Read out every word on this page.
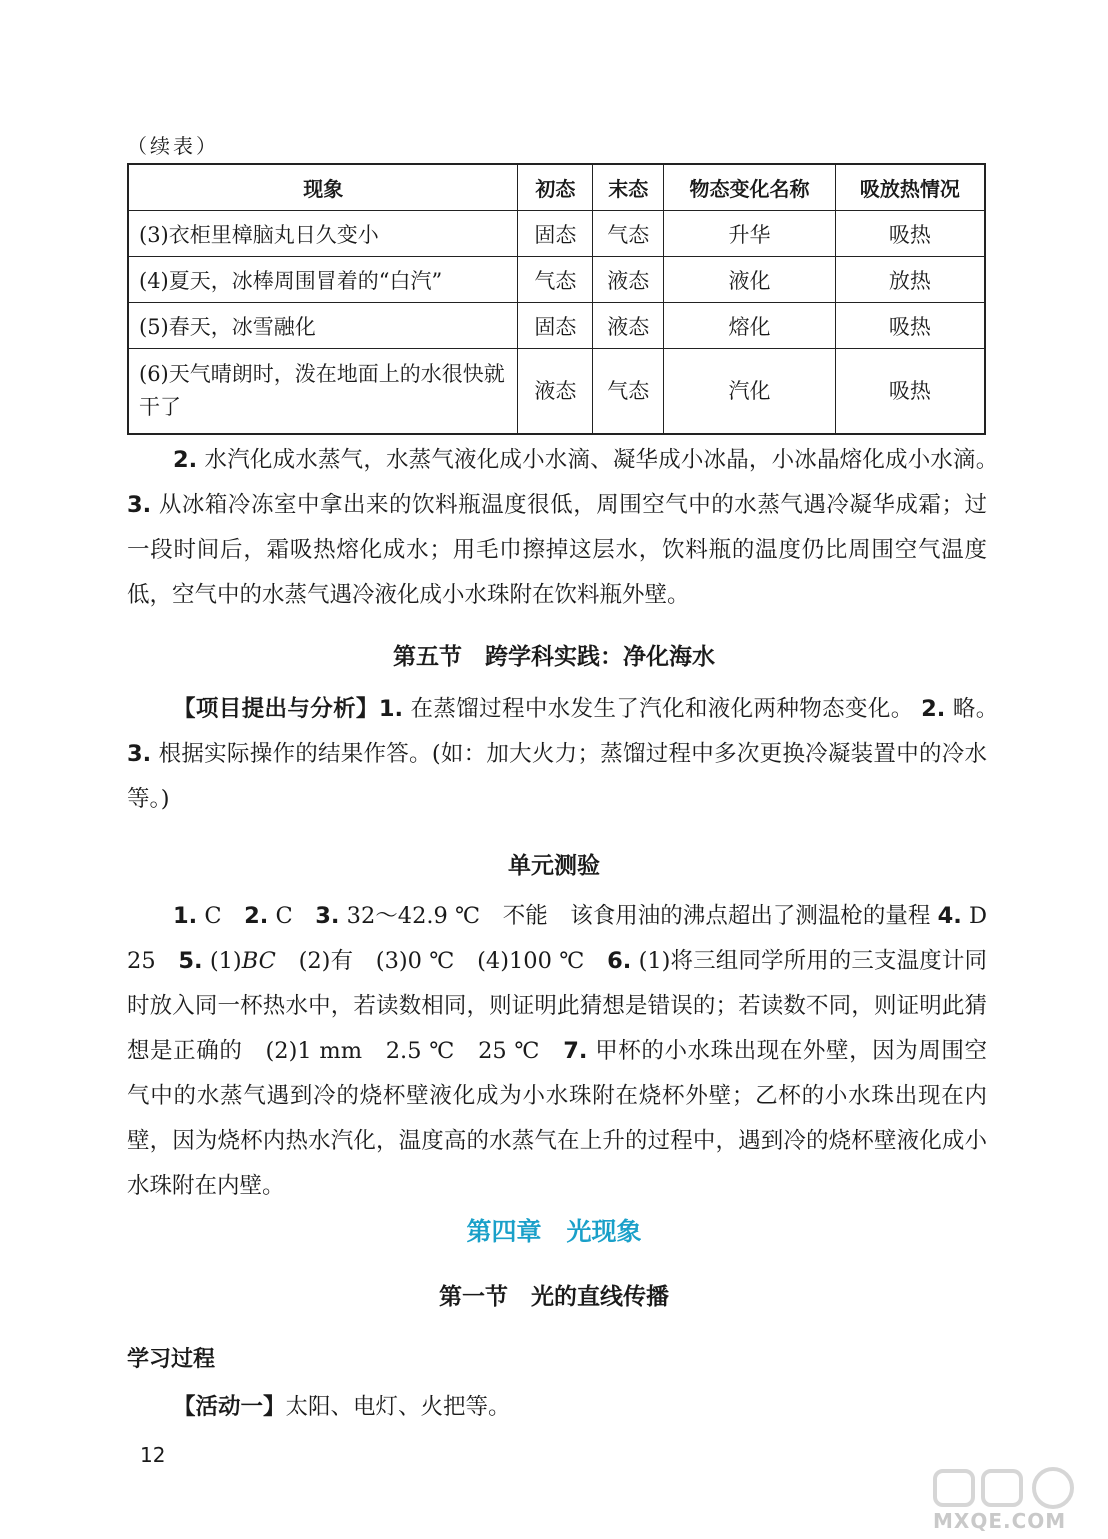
（续表）
现象	初态	末态	物态变化名称	吸放热情况
(3)衣柜里樟脑丸日久变小	固态	气态	升华	吸热
(4)夏天，冰棒周围冒着的“白汽”	气态	液态	液化	放热
(5)春天，冰雪融化	固态	液态	熔化	吸热
(6)天气晴朗时，泼在地面上的水很快就干了	液态	气态	汽化	吸热
2. 水汽化成水蒸气，水蒸气液化成小水滴、凝华成小冰晶，小冰晶熔化成小水滴。　3. 从冰箱冷冻室中拿出来的饮料瓶温度很低，周围空气中的水蒸气遇冷凝华成霜；过一段时间后，霜吸热熔化成水；用毛巾擦掉这层水，饮料瓶的温度仍比周围空气温度低，空气中的水蒸气遇冷液化成小水珠附在饮料瓶外壁。
第五节　跨学科实践：净化海水
【项目提出与分析】1. 在蒸馏过程中水发生了汽化和液化两种物态变化。 2. 略。　3. 根据实际操作的结果作答。(如：加大火力；蒸馏过程中多次更换冷凝装置中的冷水等。)
单元测验
1. C　 2. C　 3. 32～42.9 ℃　不能　该食用油的沸点超出了测温枪的量程 4. D　25　 5. (1)BC　 (2)有　(3)0 ℃　(4)100 ℃　 6. (1)将三组同学所用的三支温度计同时放入同一杯热水中，若读数相同，则证明此猜想是错误的；若读数不同，则证明此猜想是正确的　(2)1 mm　2.5 ℃　25 ℃　 7. 甲杯的小水珠出现在外壁，因为周围空气中的水蒸气遇到冷的烧杯壁液化成为小水珠附在烧杯外壁；乙杯的小水珠出现在内壁，因为烧杯内热水汽化，温度高的水蒸气在上升的过程中，遇到冷的烧杯壁液化成小水珠附在内壁。
第四章　光现象
第一节　光的直线传播
学习过程
【活动一】太阳、电灯、火把等。
12
MXQE.COM
